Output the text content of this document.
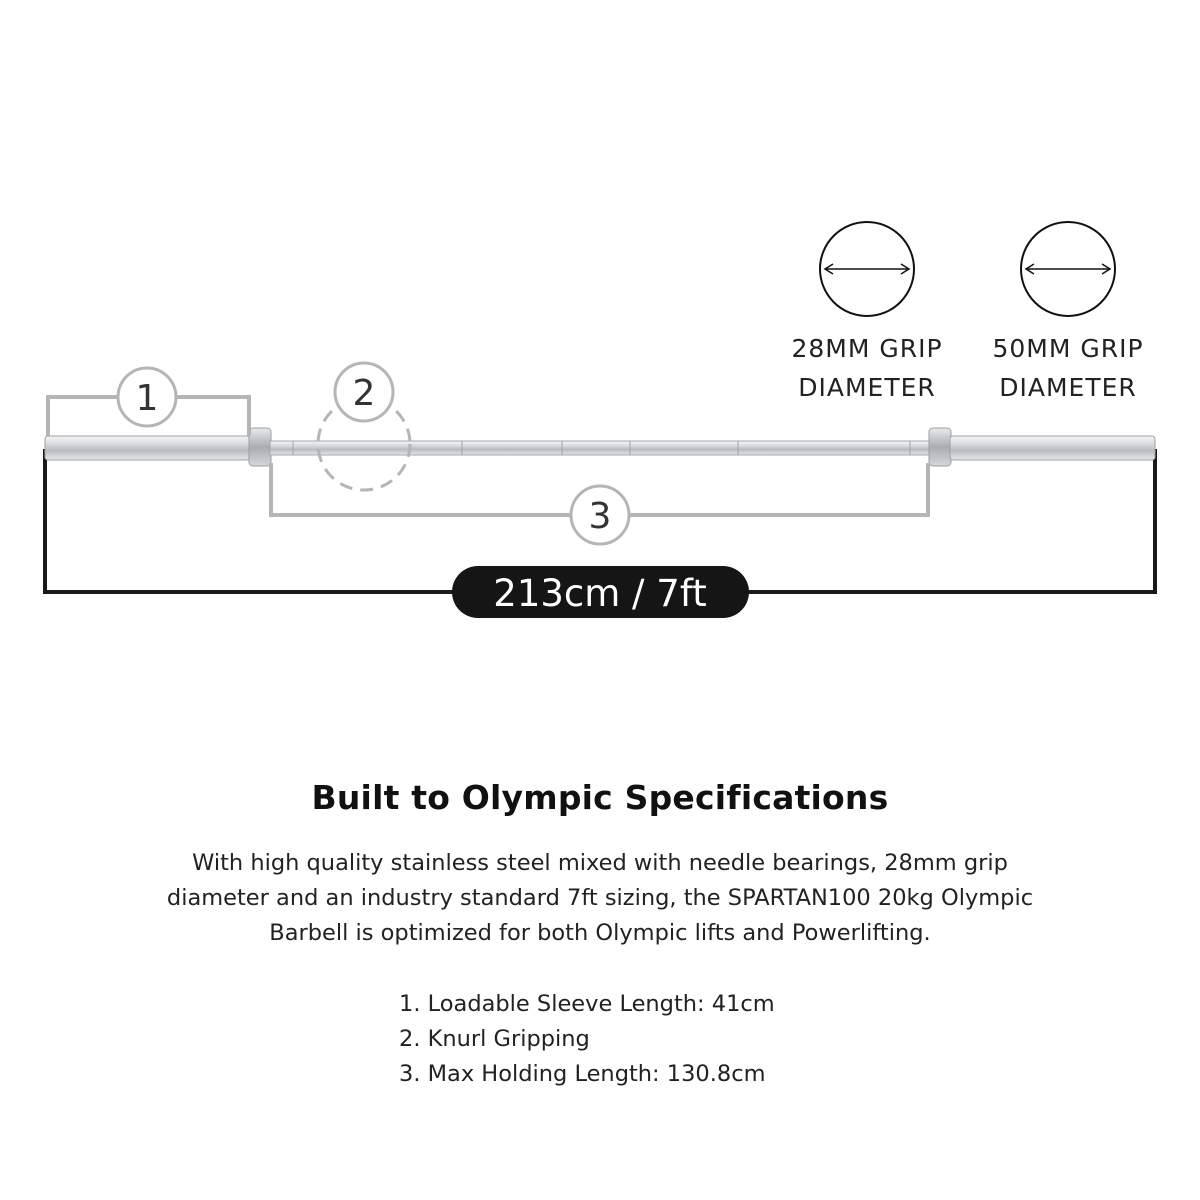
1	2
3
213cm / 7ft
28MM GRIP
DIAMETER
50MM GRIP
DIAMETER
Built to Olympic Specifications
With high quality stainless steel mixed with needle bearings, 28mm grip diameter and an industry standard 7ft sizing, the SPARTAN100 20kg Olympic Barbell is optimized for both Olympic lifts and Powerlifting.
1. Loadable Sleeve Length: 41cm
2. Knurl Gripping
3. Max Holding Length: 130.8cm
